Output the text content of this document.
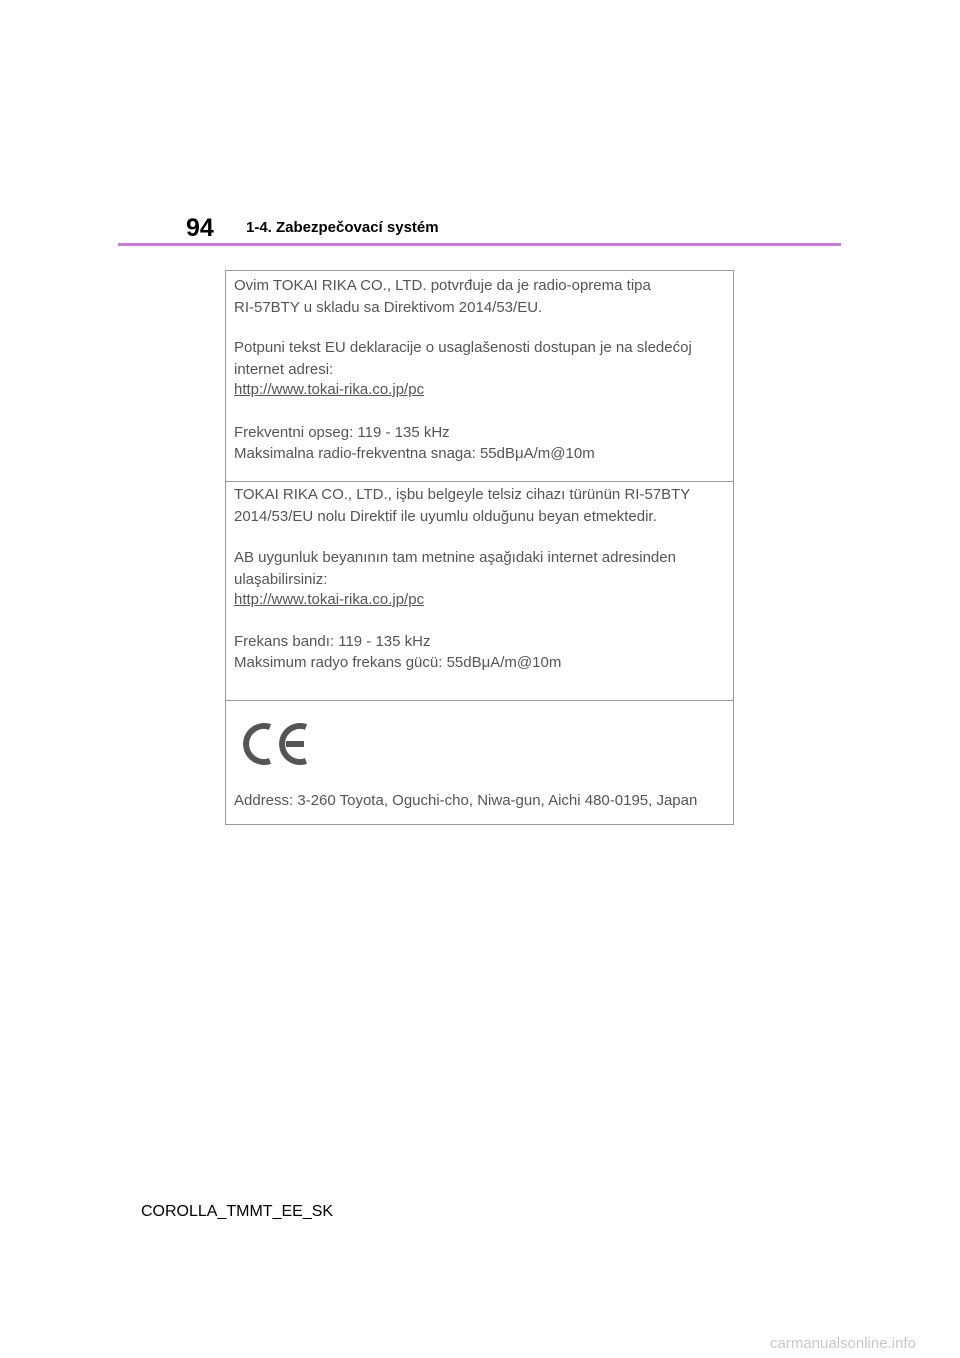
94 1-4. Zabezpečovací systém
Ovim TOKAI RIKA CO., LTD. potvrđuje da je radio-oprema tipa
RI-57BTY u skladu sa Direktivom 2014/53/EU.
Potpuni tekst EU deklaracije o usaglašenosti dostupan je na sledećoj
internet adresi:
http://www.tokai-rika.co.jp/pc
Frekventni opseg: 119 - 135 kHz
Maksimalna radio-frekventna snaga: 55dBμA/m@10m
TOKAI RIKA CO., LTD., işbu belgeyle telsiz cihazı türünün RI-57BTY
2014/53/EU nolu Direktif ile uyumlu olduğunu beyan etmektedir.
AB uygunluk beyanının tam metnine aşağıdaki internet adresinden
ulaşabilirsiniz:
http://www.tokai-rika.co.jp/pc
Frekans bandı: 119 - 135 kHz
Maksimum radyo frekans gücü: 55dBμA/m@10m
Address: 3-260 Toyota, Oguchi-cho, Niwa-gun, Aichi 480-0195, Japan
COROLLA_TMMT_EE_SK
carmanualsonline.info
